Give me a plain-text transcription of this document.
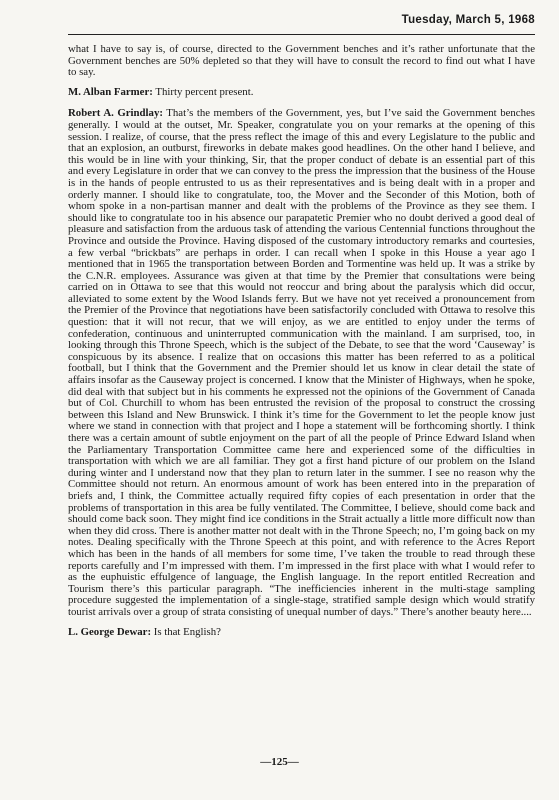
Tuesday, March 5, 1968

what I have to say is, of course, directed to the Government benches and it’s rather unfortunate that the Government benches are 50% depleted so that they will have to consult the record to find out what I have to say.

M. Alban Farmer: Thirty percent present.

Robert A. Grindlay: That’s the members of the Government, yes, but I’ve said the Government benches generally. I would at the outset, Mr. Speaker, congratulate you on your remarks at the opening of this session. I realize, of course, that the press reflect the image of this and every Legislature to the public and that an explosion, an outburst, fireworks in debate makes good headlines. On the other hand I believe, and this would be in line with your thinking, Sir, that the proper conduct of debate is an essential part of this and every Legislature in order that we can convey to the press the impression that the business of the House is in the hands of people entrusted to us as their representatives and is being dealt with in a proper and orderly manner. I should like to congratulate, too, the Mover and the Seconder of this Motion, both of whom spoke in a non-partisan manner and dealt with the problems of the Province as they see them. I should like to congratulate too in his absence our parapatetic Premier who no doubt derived a good deal of pleasure and satisfaction from the arduous task of attending the various Centennial functions throughout the Province and outside the Province. Having disposed of the customary introductory remarks and courtesies, a few verbal “brickbats” are perhaps in order. I can recall when I spoke in this House a year ago I mentioned that in 1965 the transportation between Borden and Tormentine was held up. It was a strike by the C.N.R. employees. Assurance was given at that time by the Premier that consultations were being carried on in Ottawa to see that this would not reoccur and bring about the paralysis which did occur, alleviated to some extent by the Wood Islands ferry. But we have not yet received a pronouncement from the Premier of the Province that negotiations have been satisfactorily concluded with Ottawa to resolve this question: that it will not recur, that we will enjoy, as we are entitled to enjoy under the terms of confederation, continuous and uninterrupted communication with the mainland. I am surprised, too, in looking through this Throne Speech, which is the subject of the Debate, to see that the word ‘Causeway’ is conspicuous by its absence. I realize that on occasions this matter has been referred to as a political football, but I think that the Government and the Premier should let us know in clear detail the state of affairs insofar as the Causeway project is concerned. I know that the Minister of Highways, when he spoke, did deal with that subject but in his comments he expressed not the opinions of the Government of Canada but of Col. Churchill to whom has been entrusted the revision of the proposal to construct the crossing between this Island and New Brunswick. I think it’s time for the Government to let the people know just where we stand in connection with that project and I hope a statement will be forthcoming shortly. I think there was a certain amount of subtle enjoyment on the part of all the people of Prince Edward Island when the Parliamentary Transportation Committee came here and experienced some of the difficulties in transportation with which we are all familiar. They got a first hand picture of our problem on the Island during winter and I understand now that they plan to return later in the summer. I see no reason why the Committee should not return. An enormous amount of work has been entered into in the preparation of briefs and, I think, the Committee actually required fifty copies of each presentation in order that the problems of transportation in this area be fully ventilated. The Committee, I believe, should come back and should come back soon. They might find ice conditions in the Strait actually a little more difficult now than when they did cross. There is another matter not dealt with in the Throne Speech; no, I’m going back on my notes. Dealing specifically with the Throne Speech at this point, and with reference to the Acres Report which has been in the hands of all members for some time, I’ve taken the trouble to read through these reports carefully and I’m impressed with them. I’m impressed in the first place with what I would refer to as the euphuistic effulgence of language, the English language. In the report entitled Recreation and Tourism there’s this particular paragraph. “The inefficiencies inherent in the multi-stage sampling procedure suggested the implementation of a single-stage, stratified sample design which would stratify tourist arrivals over a group of strata consisting of unequal number of days.” There’s another beauty here....

L. George Dewar: Is that English?

—125—
